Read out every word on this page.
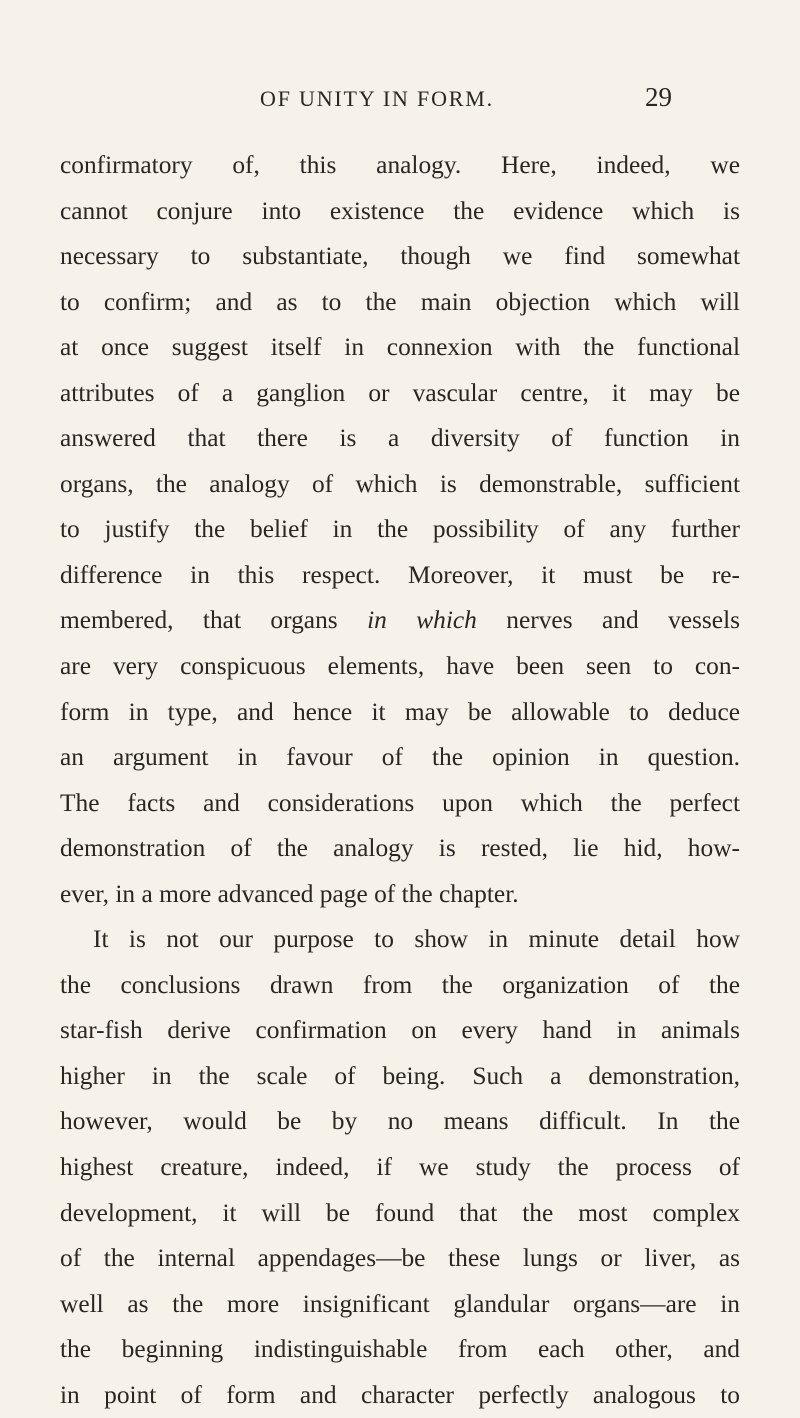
OF UNITY IN FORM.	29
confirmatory of, this analogy. Here, indeed, we
cannot conjure into existence the evidence which is
necessary to substantiate, though we find somewhat
to confirm; and as to the main objection which will
at once suggest itself in connexion with the functional
attributes of a ganglion or vascular centre, it may be
answered that there is a diversity of function in
organs, the analogy of which is demonstrable, sufficient
to justify the belief in the possibility of any further
difference in this respect. Moreover, it must be re-
membered, that organs in which nerves and vessels
are very conspicuous elements, have been seen to con-
form in type, and hence it may be allowable to deduce
an argument in favour of the opinion in question.
The facts and considerations upon which the perfect
demonstration of the analogy is rested, lie hid, how-
ever, in a more advanced page of the chapter.
It is not our purpose to show in minute detail how
the conclusions drawn from the organization of the
star-fish derive confirmation on every hand in animals
higher in the scale of being. Such a demonstration,
however, would be by no means difficult. In the
highest creature, indeed, if we study the process of
development, it will be found that the most complex
of the internal appendages—be these lungs or liver, as
well as the more insignificant glandular organs—are in
the beginning indistinguishable from each other, and
in point of form and character perfectly analogous to
